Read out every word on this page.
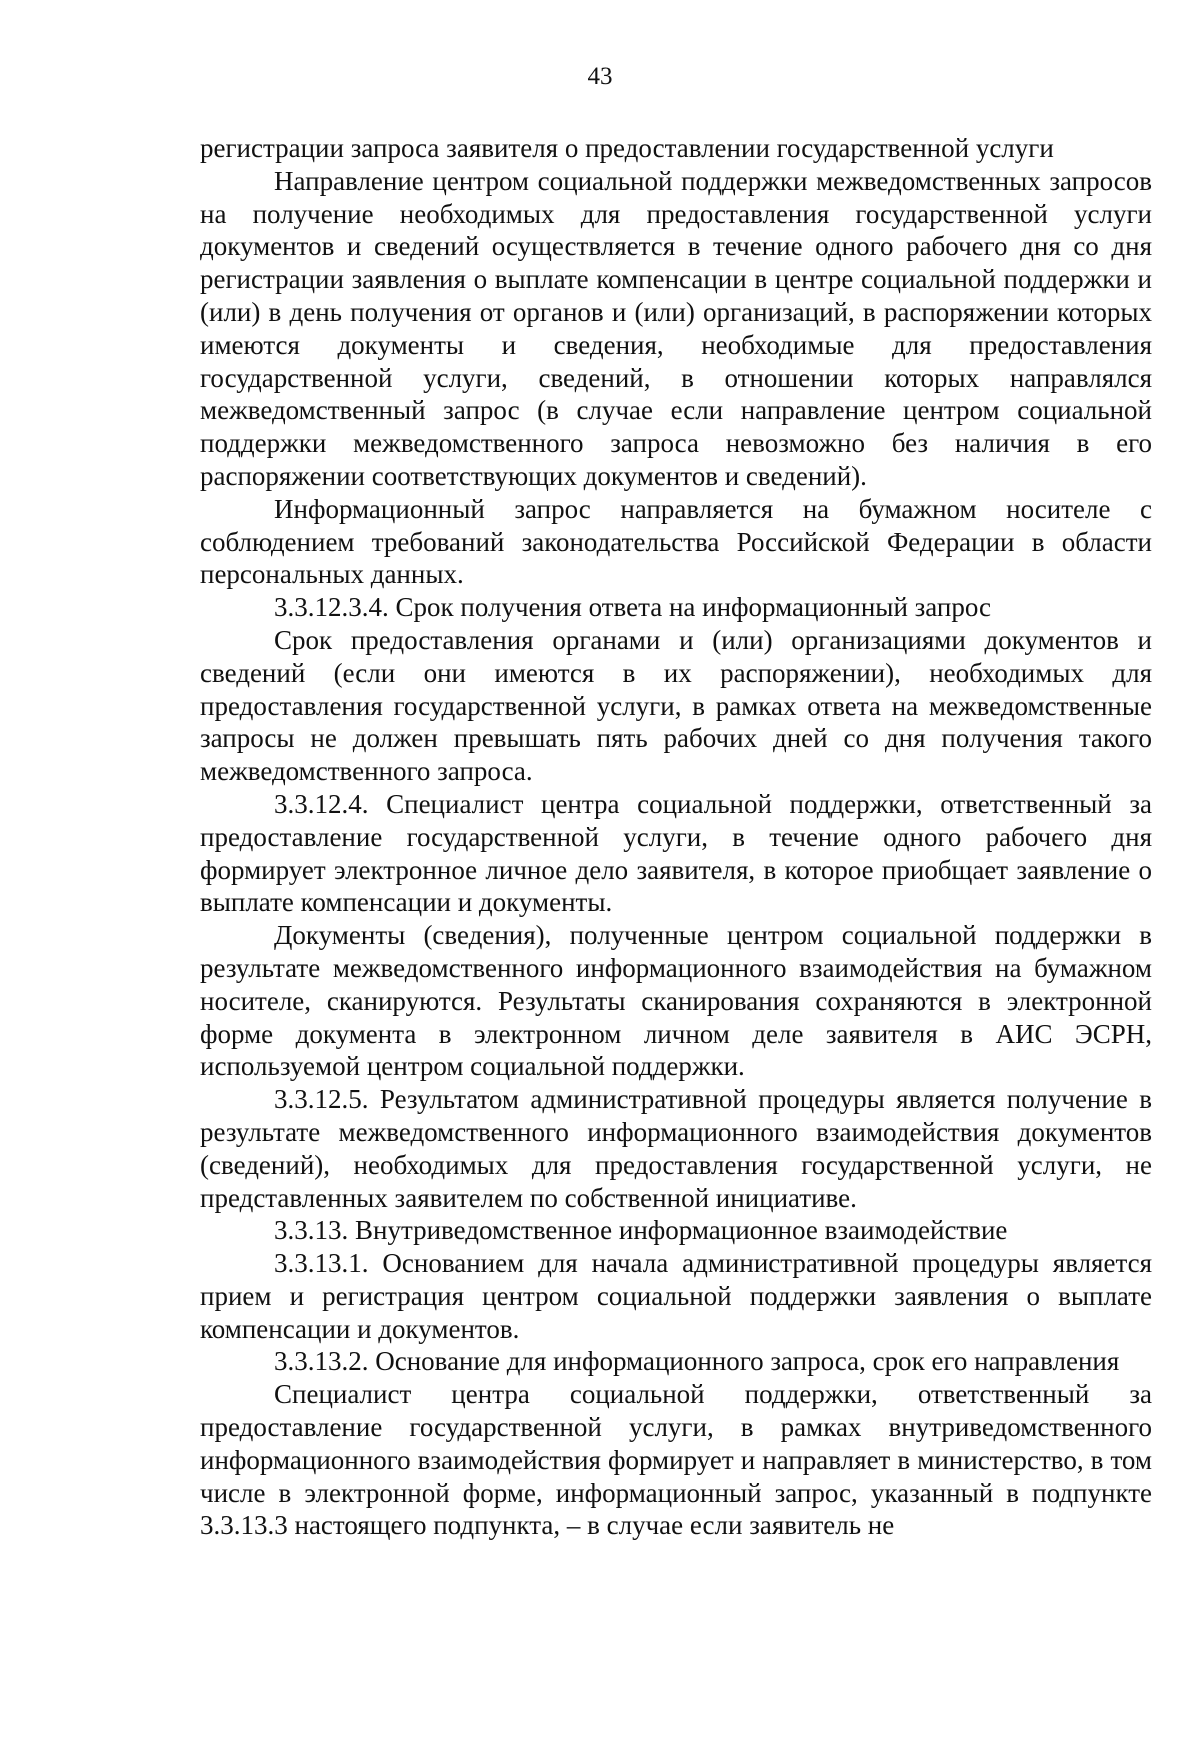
43

регистрации запроса заявителя о предоставлении государственной услуги

Направление центром социальной поддержки межведомственных запросов на получение необходимых для предоставления государственной услуги документов и сведений осуществляется в течение одного рабочего дня со дня регистрации заявления о выплате компенсации в центре социальной поддержки и (или) в день получения от органов и (или) организаций, в распоряжении которых имеются документы и сведения, необходимые для предоставления государственной услуги, сведений, в отношении которых направлялся межведомственный запрос (в случае если направление центром социальной поддержки межведомственного запроса невозможно без наличия в его распоряжении соответствующих документов и сведений).

Информационный запрос направляется на бумажном носителе с соблюдением требований законодательства Российской Федерации в области персональных данных.

3.3.12.3.4. Срок получения ответа на информационный запрос

Срок предоставления органами и (или) организациями документов и сведений (если они имеются в их распоряжении), необходимых для предоставления государственной услуги, в рамках ответа на межведомственные запросы не должен превышать пять рабочих дней со дня получения такого межведомственного запроса.

3.3.12.4. Специалист центра социальной поддержки, ответственный за предоставление государственной услуги, в течение одного рабочего дня формирует электронное личное дело заявителя, в которое приобщает заявление о выплате компенсации и документы.

Документы (сведения), полученные центром социальной поддержки в результате межведомственного информационного взаимодействия на бумажном носителе, сканируются. Результаты сканирования сохраняются в электронной форме документа в электронном личном деле заявителя в АИС ЭСРН, используемой центром социальной поддержки.

3.3.12.5. Результатом административной процедуры является получение в результате межведомственного информационного взаимодействия документов (сведений), необходимых для предоставления государственной услуги, не представленных заявителем по собственной инициативе.

3.3.13. Внутриведомственное информационное взаимодействие

3.3.13.1. Основанием для начала административной процедуры является прием и регистрация центром социальной поддержки заявления о выплате компенсации и документов.

3.3.13.2. Основание для информационного запроса, срок его направления

Специалист центра социальной поддержки, ответственный за предоставление государственной услуги, в рамках внутриведомственного информационного взаимодействия формирует и направляет в министерство, в том числе в электронной форме, информационный запрос, указанный в подпункте 3.3.13.3 настоящего подпункта, – в случае если заявитель не
